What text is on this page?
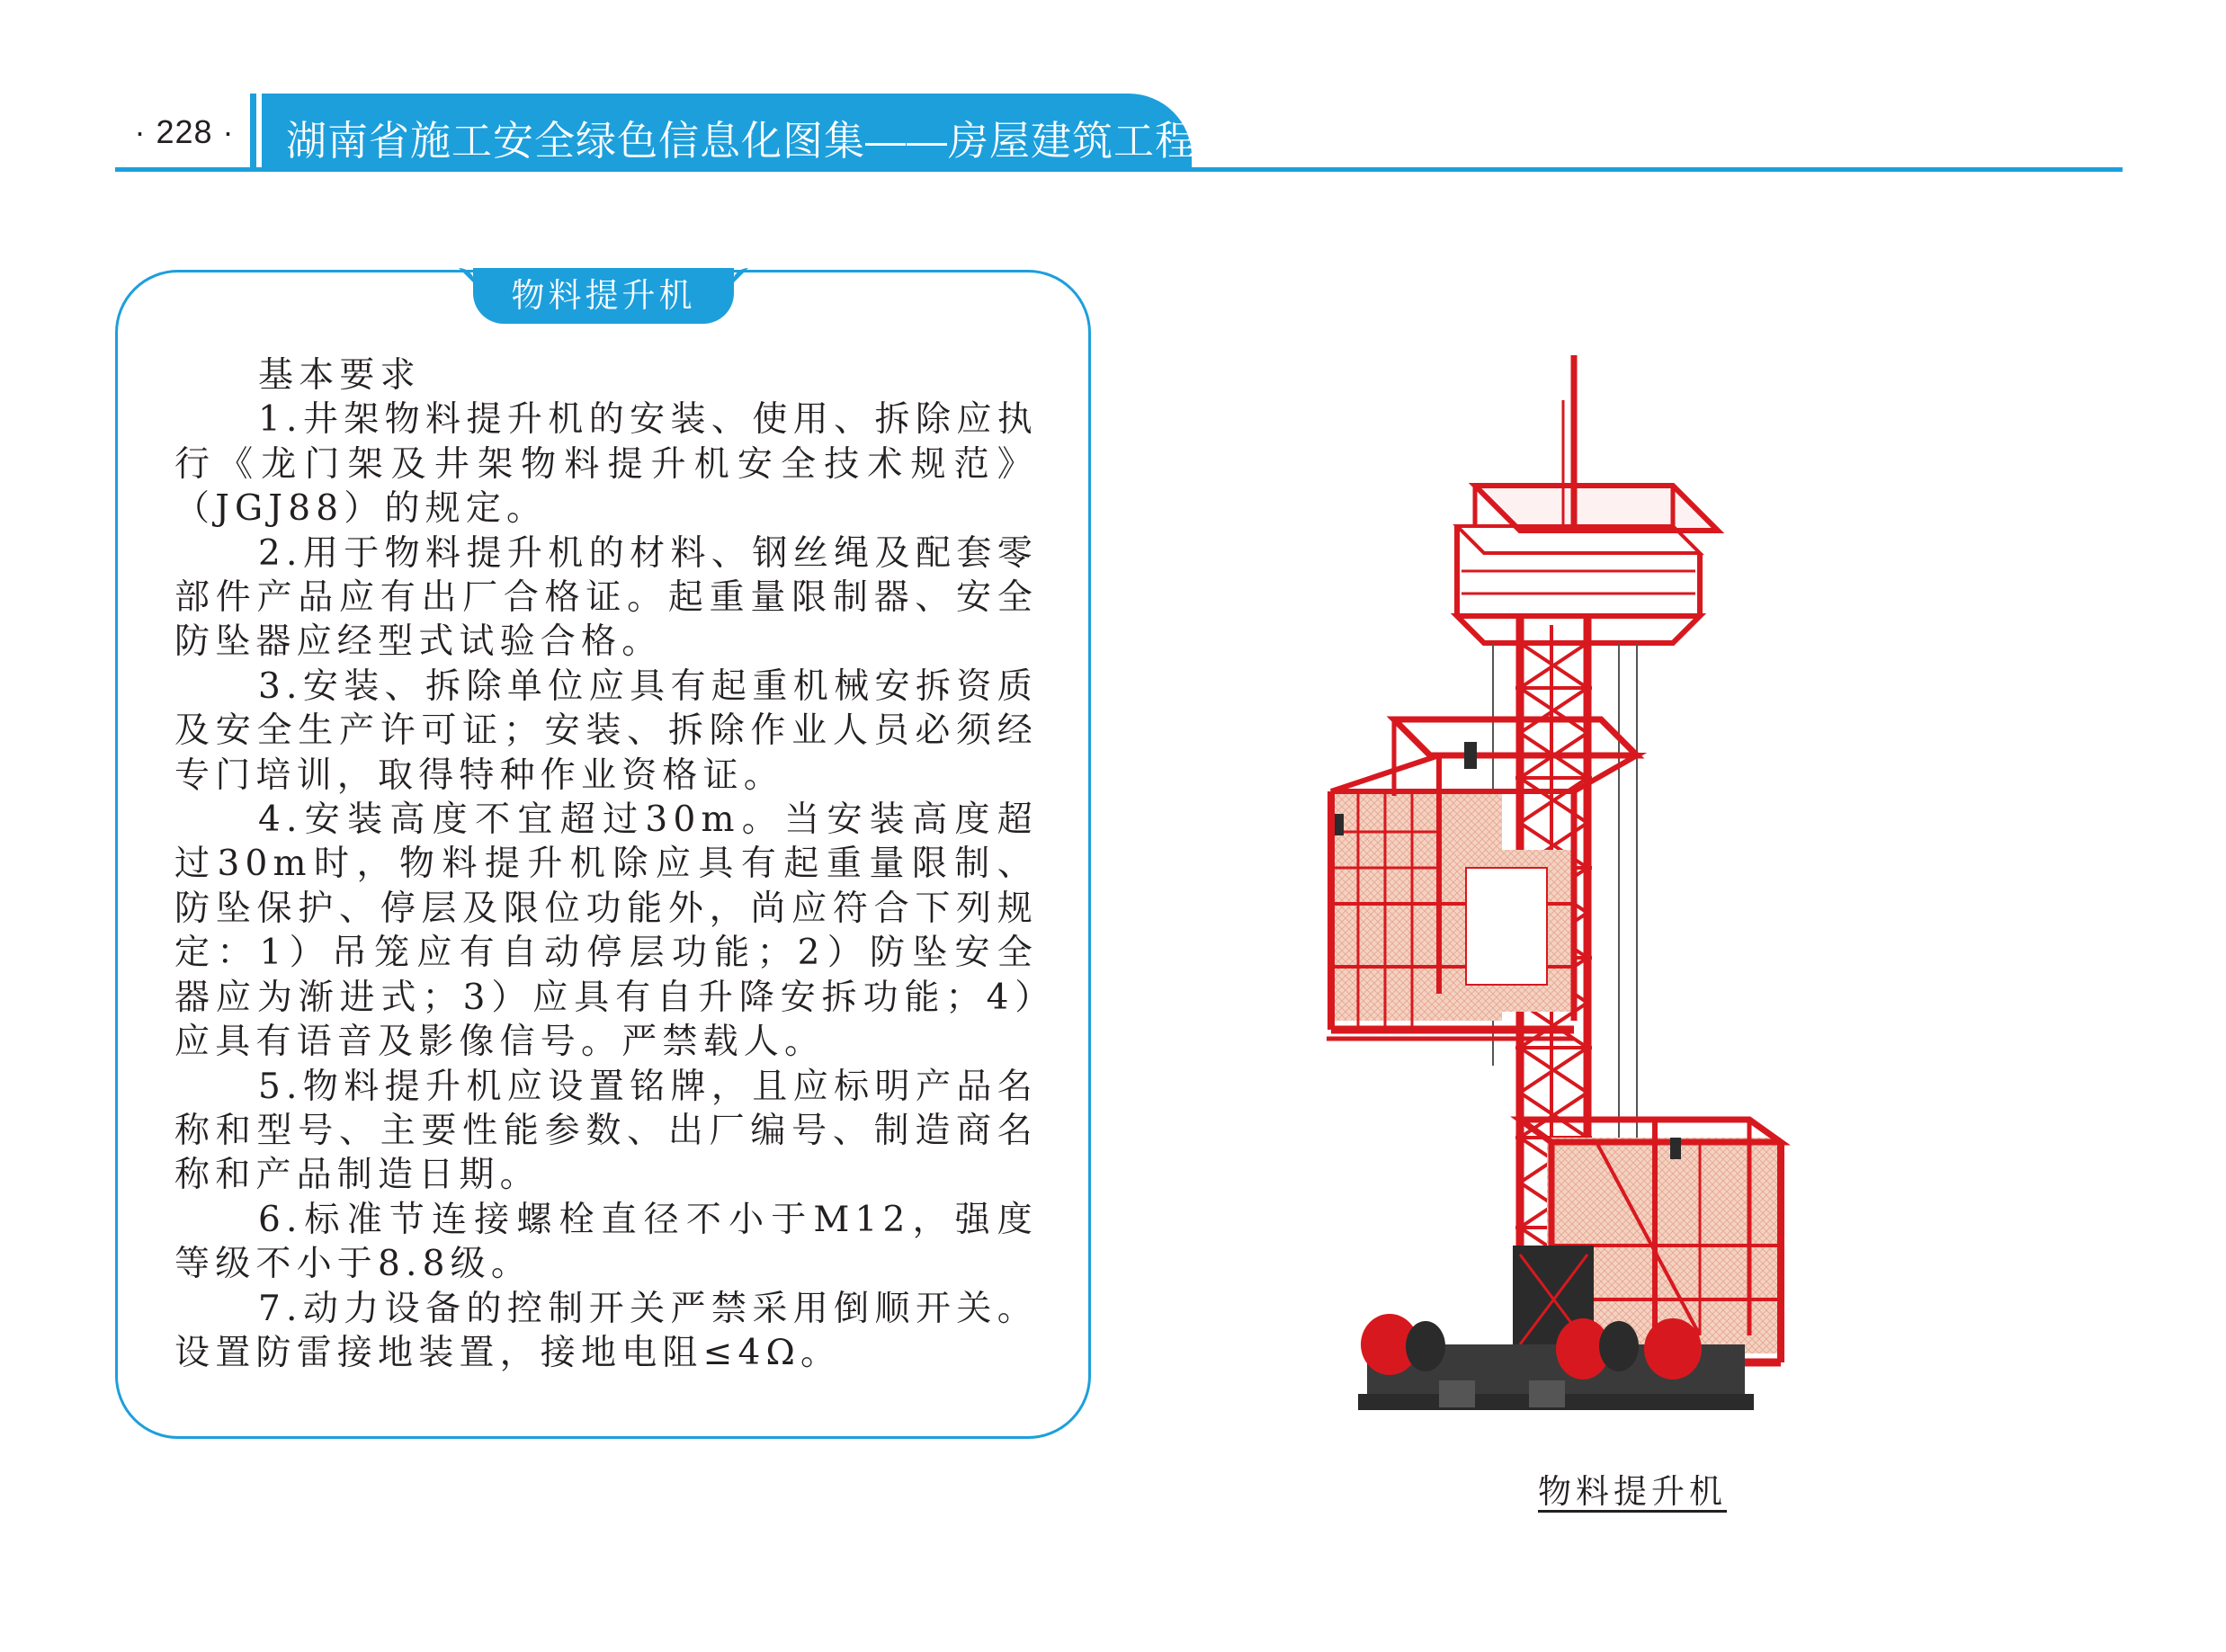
· 228 ·	湖南省施工安全绿色信息化图集——房屋建筑工程
物料提升机

基本要求

1.井架物料提升机的安装、使用、拆除应执行《龙门架及井架物料提升机安全技术规范》（JGJ88）的规定。

2.用于物料提升机的材料、钢丝绳及配套零部件产品应有出厂合格证。起重量限制器、安全防坠器应经型式试验合格。

3.安装、拆除单位应具有起重机械安拆资质及安全生产许可证；安装、拆除作业人员必须经专门培训，取得特种作业资格证。

4.安装高度不宜超过30m。当安装高度超过30m时，物料提升机除应具有起重量限制、防坠保护、停层及限位功能外，尚应符合下列规定：1）吊笼应有自动停层功能；2）防坠安全器应为渐进式；3）应具有自升降安拆功能；4）应具有语音及影像信号。严禁载人。

5.物料提升机应设置铭牌，且应标明产品名称和型号、主要性能参数、出厂编号、制造商名称和产品制造日期。

6.标准节连接螺栓直径不小于M12，强度等级不小于8.8级。

7.动力设备的控制开关严禁采用倒顺开关。设置防雷接地装置，接地电阻≤4Ω。

物料提升机
